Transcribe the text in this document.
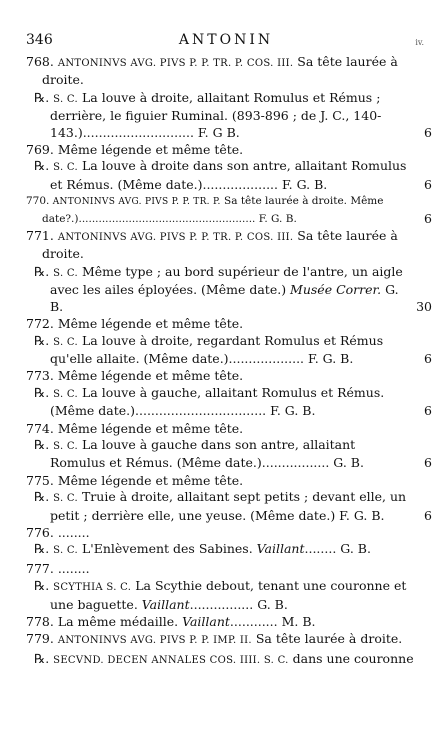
346	ANTONIN	iv.

768. ANTONINVS AVG. PIVS P. P. TR. P. COS. III. Sa tête laurée à droite.

℞. S. C. La louve à droite, allaitant Romulus et Rémus ; derrière, le figuier Ruminal. (893-896 ; de J. C., 140-143.)............................ F. G B.	6

769. Même légende et même tête.

℞. S. C. La louve à droite dans son antre, allaitant Romulus et Rémus. (Même date.)................... F. G. B.	6

770. ANTONINVS AVG. PIVS P. P. TR. P. Sa tête laurée à droite. Même date?.)..................................................... F. G. B.	6

771. ANTONINVS AVG. PIVS P. P. TR. P. COS. III. Sa tête laurée à droite.

℞. S. C. Même type ; au bord supérieur de l'antre, un aigle avec les ailes éployées. (Même date.) Musée Correr. G. B.	30

772. Même légende et même tête.

℞. S. C. La louve à droite, regardant Romulus et Rémus qu'elle allaite. (Même date.)................... F. G. B.	6

773. Même légende et même tête.

℞. S. C. La louve à gauche, allaitant Romulus et Rémus. (Même date.)................................. F. G. B.	6

774. Même légende et même tête.

℞. S. C. La louve à gauche dans son antre, allaitant Romulus et Rémus. (Même date.)................. G. B.	6

775. Même légende et même tête.

℞. S. C. Truie à droite, allaitant sept petits ; devant elle, un petit ; derrière elle, une yeuse. (Même date.) F. G. B.	6

776. ........

℞. S. C. L'Enlèvement des Sabines. Vaillant........ G. B.

777. ........

℞. SCYTHIA S. C. La Scythie debout, tenant une couronne et une baguette. Vaillant................ G. B.

778. La même médaille. Vaillant............ M. B.

779. ANTONINVS AVG. PIVS P. P. IMP. II. Sa tête laurée à droite.

℞. SECVND. DECEN ANNALES COS. IIII. S. C. dans une couronne
